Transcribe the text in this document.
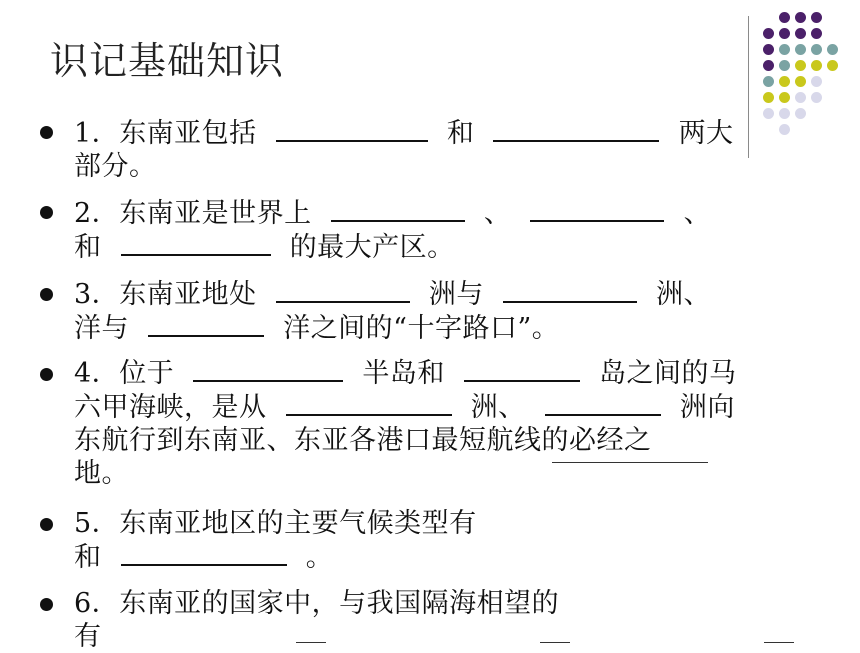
识记基础知识
1．东南亚包括	和	两大
部分。
2．东南亚是世界上	、	、
和	的最大产区。
3．东南亚地处	洲与	洲、
洋与	洋之间的“十字路口”。
4．位于	半岛和	岛之间的马
六甲海峡，是从	洲、	洲向
东航行到东南亚、东亚各港口最短航线的必经之
地。
5．东南亚地区的主要气候类型有
和	。
6．东南亚的国家中，与我国隔海相望的
有
